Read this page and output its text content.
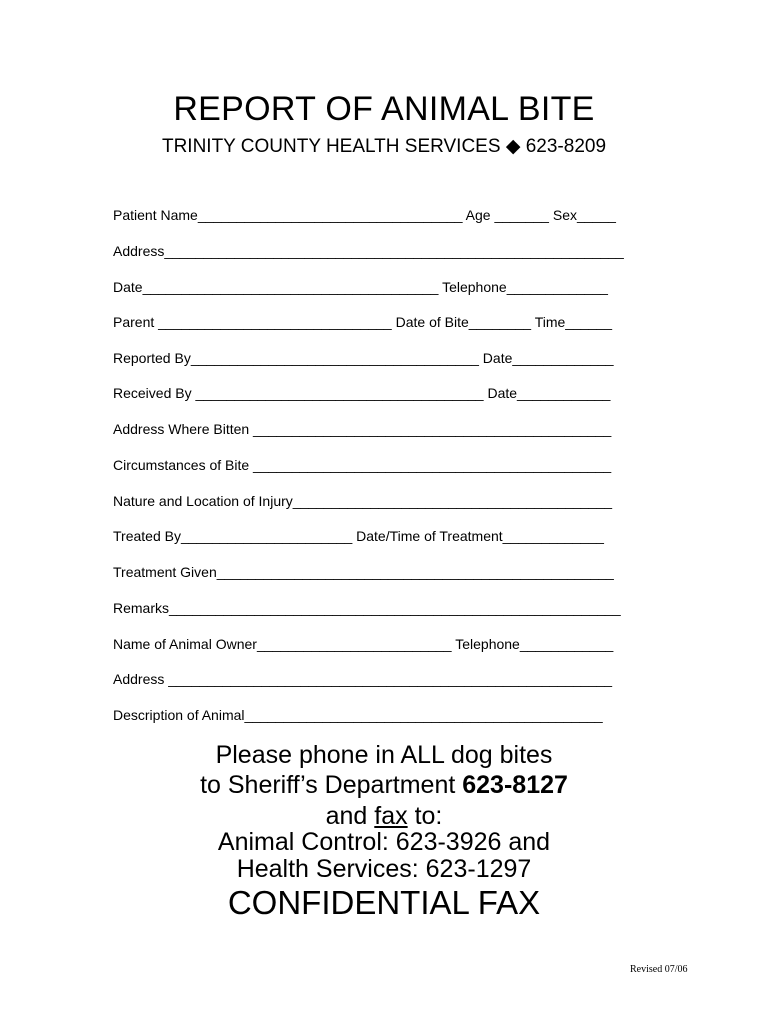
REPORT OF ANIMAL BITE
TRINITY COUNTY HEALTH SERVICES ◆ 623-8209
Patient Name__________________________________ Age _______ Sex_____
Address___________________________________________________________
Date______________________________________ Telephone_____________
Parent ______________________________ Date of Bite________ Time______
Reported By_____________________________________ Date_____________
Received By _____________________________________ Date____________
Address Where Bitten ______________________________________________
Circumstances of Bite ______________________________________________
Nature and Location of Injury_________________________________________
Treated By______________________ Date/Time of Treatment_____________
Treatment Given___________________________________________________
Remarks__________________________________________________________
Name of Animal Owner_________________________ Telephone____________
Address _________________________________________________________
Description of Animal______________________________________________
Please phone in ALL dog bites
to Sheriff’s Department 623-8127
and fax to:
Animal Control: 623-3926 and
Health Services: 623-1297
CONFIDENTIAL FAX
Revised 07/06
